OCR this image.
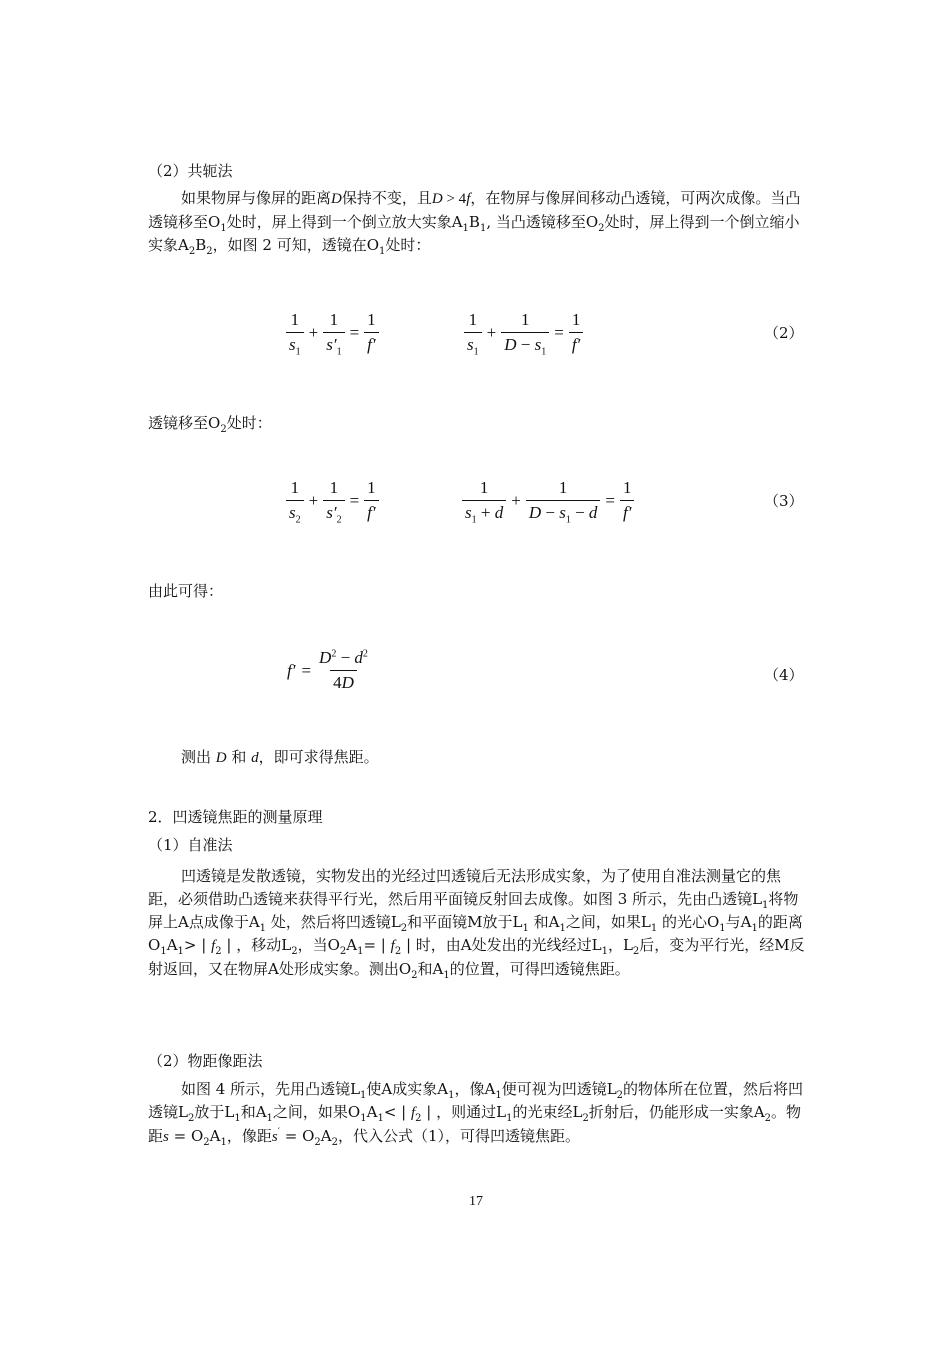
（2）共轭法

如果物屏与像屏的距离D保持不变，且D > 4f，在物屏与像屏间移动凸透镜，可两次成像。当凸透镜移至$O_1$处时，屏上得到一个倒立放大实象$A_1B_1$, 当凸透镜移至$O_2$处时，屏上得到一个倒立缩小实象$A_2B_2$，如图 2 可知，透镜在$O_1$处时：

$\frac{1}{s_1} + \frac{1}{s'_1} = \frac{1}{f'}$	$\frac{1}{s_1} + \frac{1}{D - s_1} = \frac{1}{f'}$	（2）

透镜移至$O_2$处时：

$\frac{1}{s_2} + \frac{1}{s'_2} = \frac{1}{f'}$	$\frac{1}{s_1 + d} + \frac{1}{D - s_1 - d} = \frac{1}{f'}$	（3）

由此可得：

$f' = \frac{D^2 - d^2}{4D}$	（4）

测出 D 和 d，即可求得焦距。

2．凹透镜焦距的测量原理

（1）自准法

凹透镜是发散透镜，实物发出的光经过凹透镜后无法形成实象，为了使用自准法测量它的焦距，必须借助凸透镜来获得平行光，然后用平面镜反射回去成像。如图 3 所示，先由凸透镜$L_1$将物屏上A点成像于$A_1$ 处，然后将凹透镜$L_2$和平面镜M放于$L_1$ 和$A_1$之间，如果$L_1$ 的光心$O_1$与$A_1$的距离$O_1A_1>$ | $f_2$ | ，移动$L_2$，当$O_2A_1=$ | $f_2$ | 时，由A处发出的光线经过$L_1$，$L_2$后，变为平行光，经M反射返回，又在物屏A处形成实象。测出$O_2$和$A_1$的位置，可得凹透镜焦距。

（2）物距像距法

如图 4 所示，先用凸透镜$L_1$使A成实象$A_1$，像$A_1$便可视为凹透镜$L_2$的物体所在位置，然后将凹透镜$L_2$放于$L_1$和$A_1$之间，如果$O_1A_1<$ | $f_2$ | ，则通过$L_1$的光束经$L_2$折射后，仍能形成一实象$A_2$。物距$s = O_2A_1$，像距$s' = O_2A_2$，代入公式（1），可得凹透镜焦距。

17
